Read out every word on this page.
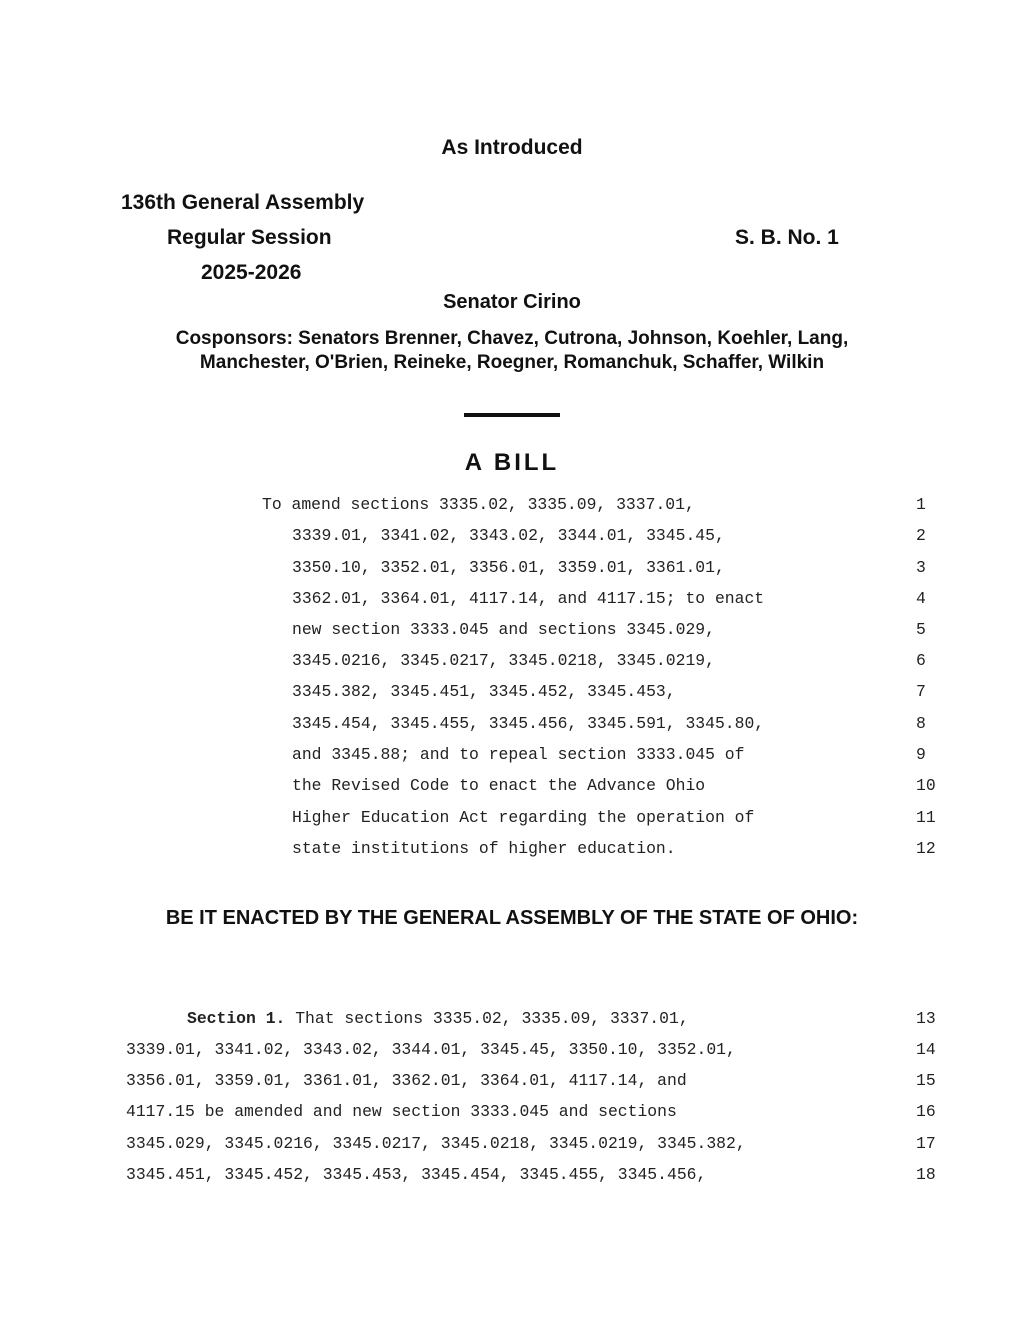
As Introduced
136th General Assembly
Regular Session
2025-2026
S. B. No. 1
Senator Cirino
Cosponsors: Senators Brenner, Chavez, Cutrona, Johnson, Koehler, Lang,
Manchester, O'Brien, Reineke, Roegner, Romanchuk, Schaffer, Wilkin
A BILL
To amend sections 3335.02, 3335.09, 3337.01,	1
3339.01, 3341.02, 3343.02, 3344.01, 3345.45,	2
3350.10, 3352.01, 3356.01, 3359.01, 3361.01,	3
3362.01, 3364.01, 4117.14, and 4117.15; to enact	4
new section 3333.045 and sections 3345.029,	5
3345.0216, 3345.0217, 3345.0218, 3345.0219,	6
3345.382, 3345.451, 3345.452, 3345.453,	7
3345.454, 3345.455, 3345.456, 3345.591, 3345.80,	8
and 3345.88; and to repeal section 3333.045 of	9
the Revised Code to enact the Advance Ohio	10
Higher Education Act regarding the operation of	11
state institutions of higher education.	12
BE IT ENACTED BY THE GENERAL ASSEMBLY OF THE STATE OF OHIO:
Section 1. That sections 3335.02, 3335.09, 3337.01,	13
3339.01, 3341.02, 3343.02, 3344.01, 3345.45, 3350.10, 3352.01,	14
3356.01, 3359.01, 3361.01, 3362.01, 3364.01, 4117.14, and	15
4117.15 be amended and new section 3333.045 and sections	16
3345.029, 3345.0216, 3345.0217, 3345.0218, 3345.0219, 3345.382,	17
3345.451, 3345.452, 3345.453, 3345.454, 3345.455, 3345.456,	18
